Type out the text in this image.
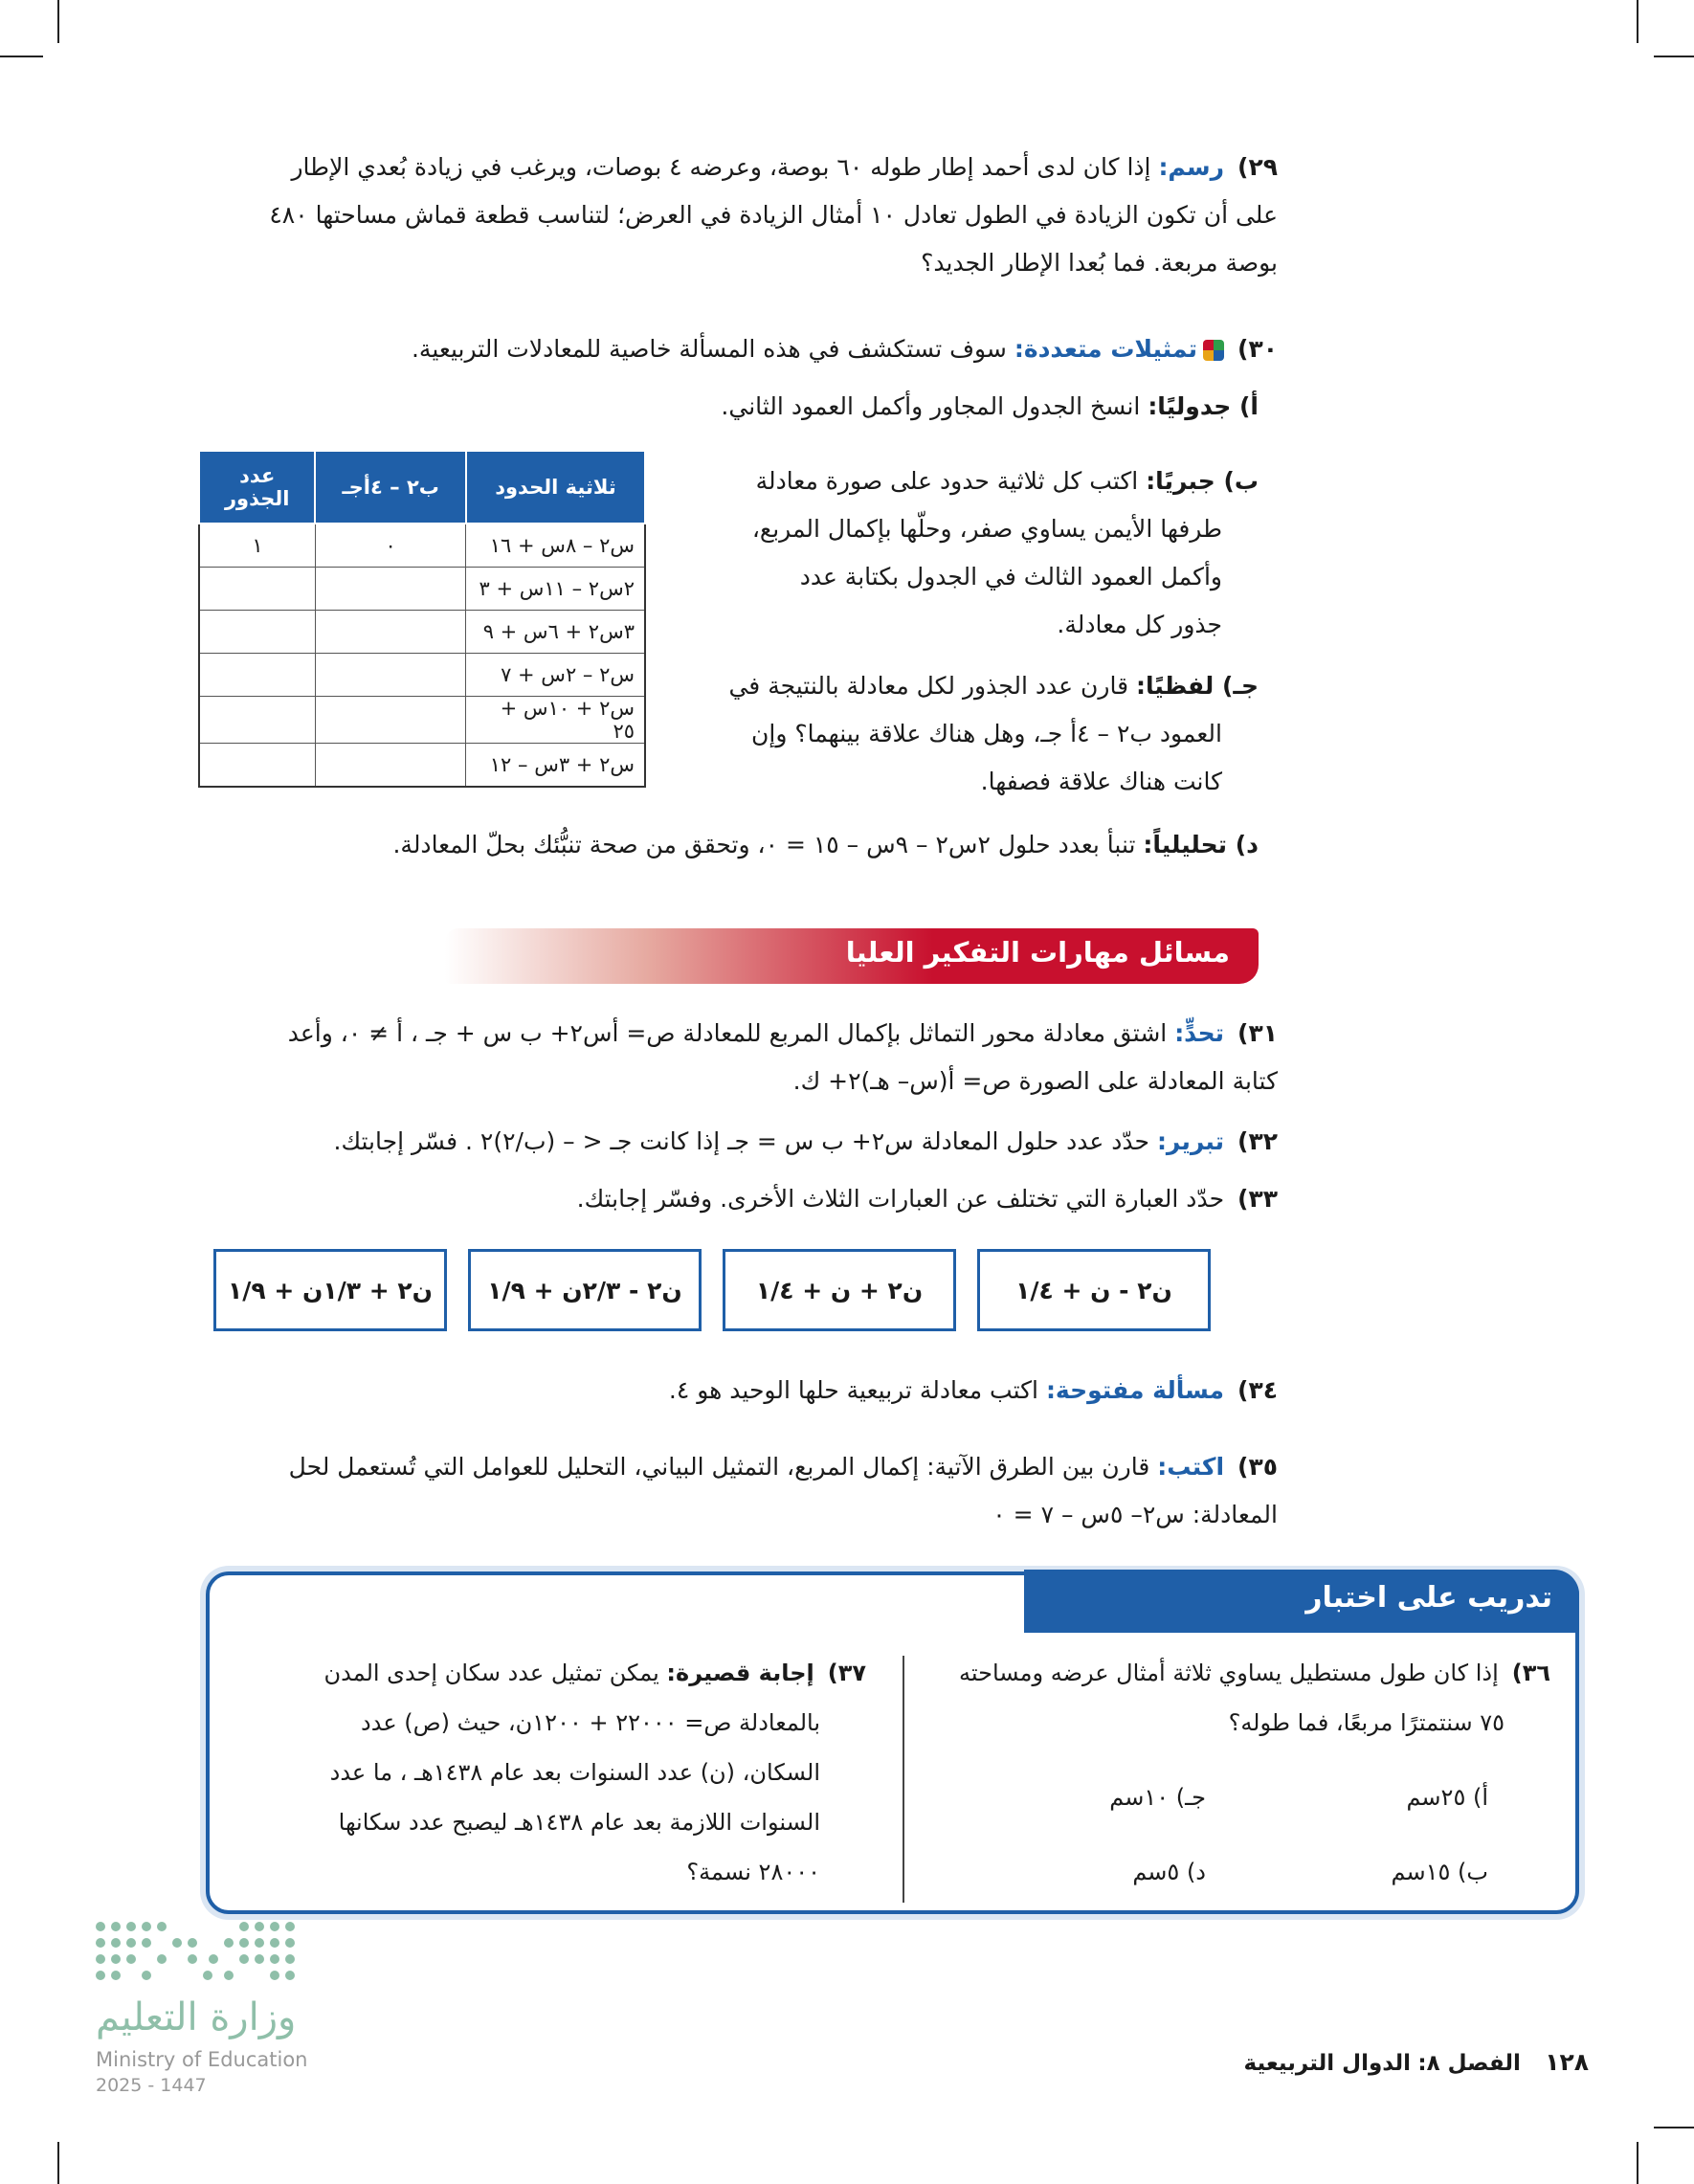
٢٩)رسم: إذا كان لدى أحمد إطار طوله ٦٠ بوصة، وعرضه ٤ بوصات، ويرغب في زيادة بُعدي الإطار

على أن تكون الزيادة في الطول تعادل ١٠ أمثال الزيادة في العرض؛ لتناسب قطعة قماش مساحتها ٤٨٠

بوصة مربعة. فما بُعدا الإطار الجديد؟

٣٠)تمثيلات متعددة: سوف تستكشف في هذه المسألة خاصية للمعادلات التربيعية.

أ) جدوليًا: انسخ الجدول المجاور وأكمل العمود الثاني.

ب) جبريًا: اكتب كل ثلاثية حدود على صورة معادلة

طرفها الأيمن يساوي صفر، وحلّها بإكمال المربع،

وأكمل العمود الثالث في الجدول بكتابة عدد

جذور كل معادلة.

جـ) لفظيًا: قارن عدد الجذور لكل معادلة بالنتيجة في

العمود ب٢ – ٤أ جـ، وهل هناك علاقة بينهما؟ وإن

كانت هناك علاقة فصفها.

ثلاثية الحدود	ب٢ – ٤أجـ	عدد الجذور
س٢ – ٨س + ١٦	٠	١
٢س٢ – ١١س + ٣		
٣س٢ + ٦س + ٩		
س٢ – ٢س + ٧		
س٢ + ١٠س + ٢٥		
س٢ + ٣س – ١٢		

د) تحليلياً: تنبأ بعدد حلول ٢س٢ – ٩س – ١٥ = ٠، وتحقق من صحة تنبُّئك بحلّ المعادلة.

مسائل مهارات التفكير العليا

٣١)تحدٍّ: اشتق معادلة محور التماثل بإكمال المربع للمعادلة ص= أس٢+ ب س + جـ ، أ ≠ ٠، وأعد

كتابة المعادلة على الصورة ص= أ(س– هـ)٢+ ك.

٣٢)تبرير: حدّد عدد حلول المعادلة س٢+ ب س = جـ إذا كانت جـ < – (ب/٢)٢ . فسّر إجابتك.

٣٣)حدّد العبارة التي تختلف عن العبارات الثلاث الأخرى. وفسّر إجابتك.

ن٢ - ن + ١/٤
ن٢ + ن + ١/٤
ن٢ - ٢/٣ن + ١/٩
ن٢ + ١/٣ن + ١/٩

٣٤)مسألة مفتوحة: اكتب معادلة تربيعية حلها الوحيد هو ٤.

٣٥)اكتب: قارن بين الطرق الآتية: إكمال المربع، التمثيل البياني، التحليل للعوامل التي تُستعمل لحل

المعادلة: س٢– ٥س – ٧ = ٠

تدريب على اختبار
٣٦)إذا كان طول مستطيل يساوي ثلاثة أمثال عرضه ومساحته
٧٥ سنتمترًا مربعًا، فما طوله؟
أ) ٢٥سم
جـ) ١٠سم
ب) ١٥سم
د) ٥سم
٣٧)إجابة قصيرة: يمكن تمثيل عدد سكان إحدى المدن
بالمعادلة ص= ٢٢٠٠٠ + ١٢٠٠ن، حيث (ص) عدد
السكان، (ن) عدد السنوات بعد عام ١٤٣٨هـ ، ما عدد
السنوات اللازمة بعد عام ١٤٣٨هـ ليصبح عدد سكانها
٢٨٠٠٠ نسمة؟
وزارة التعليم
Ministry of Education
2025 - 1447
١٢٨ الفصل ٨: الدوال التربيعية
